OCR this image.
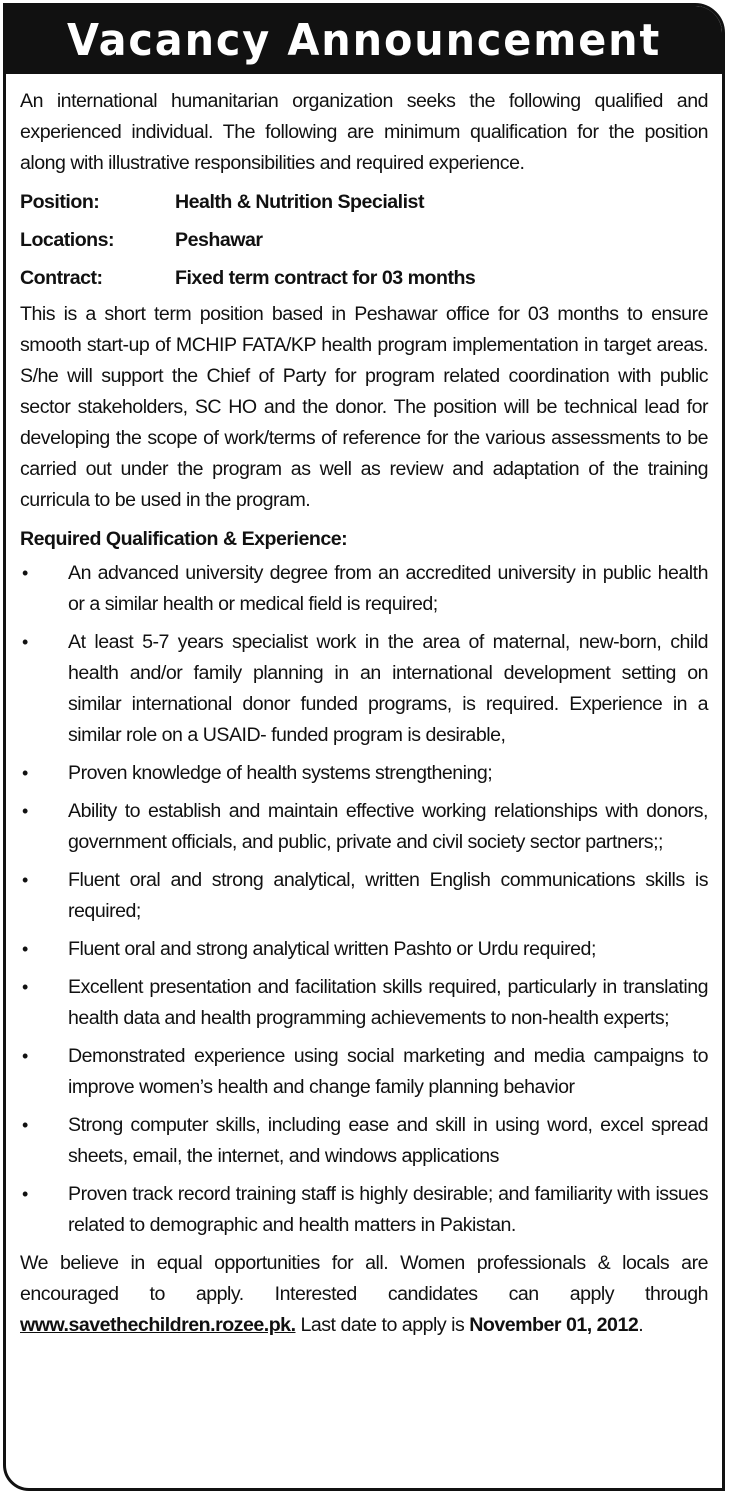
Vacancy Announcement

An international humanitarian organization seeks the following qualified and experienced individual. The following are minimum qualification for the position along with illustrative responsibilities and required experience.

Position:	Health & Nutrition Specialist
Locations:	Peshawar
Contract:	Fixed term contract for 03 months

This is a short term position based in Peshawar office for 03 months to ensure smooth start-up of MCHIP FATA/KP health program implementation in target areas. S/he will support the Chief of Party for program related coordination with public sector stakeholders, SC HO and the donor. The position will be technical lead for developing the scope of work/terms of reference for the various assessments to be carried out under the program as well as review and adaptation of the training curricula to be used in the program.

Required Qualification & Experience:
•	An advanced university degree from an accredited university in public health or a similar health or medical field is required;
•	At least 5-7 years specialist work in the area of maternal, new-born, child health and/or family planning in an international development setting on similar international donor funded programs, is required. Experience in a similar role on a USAID- funded program is desirable,
•	Proven knowledge of health systems strengthening;
•	Ability to establish and maintain effective working relationships with donors, government officials, and public, private and civil society sector partners;;
•	Fluent oral and strong analytical, written English communications skills is required;
•	Fluent oral and strong analytical written Pashto or Urdu required;
•	Excellent presentation and facilitation skills required, particularly in translating health data and health programming achievements to non-health experts;
•	Demonstrated experience using social marketing and media campaigns to improve women’s health and change family planning behavior
•	Strong computer skills, including ease and skill in using word, excel spread sheets, email, the internet, and windows applications
•	Proven track record training staff is highly desirable; and familiarity with issues related to demographic and health matters in Pakistan.

We believe in equal opportunities for all. Women professionals & locals are encouraged to apply. Interested candidates can apply through www.savethechildren.rozee.pk. Last date to apply is November 01, 2012.
